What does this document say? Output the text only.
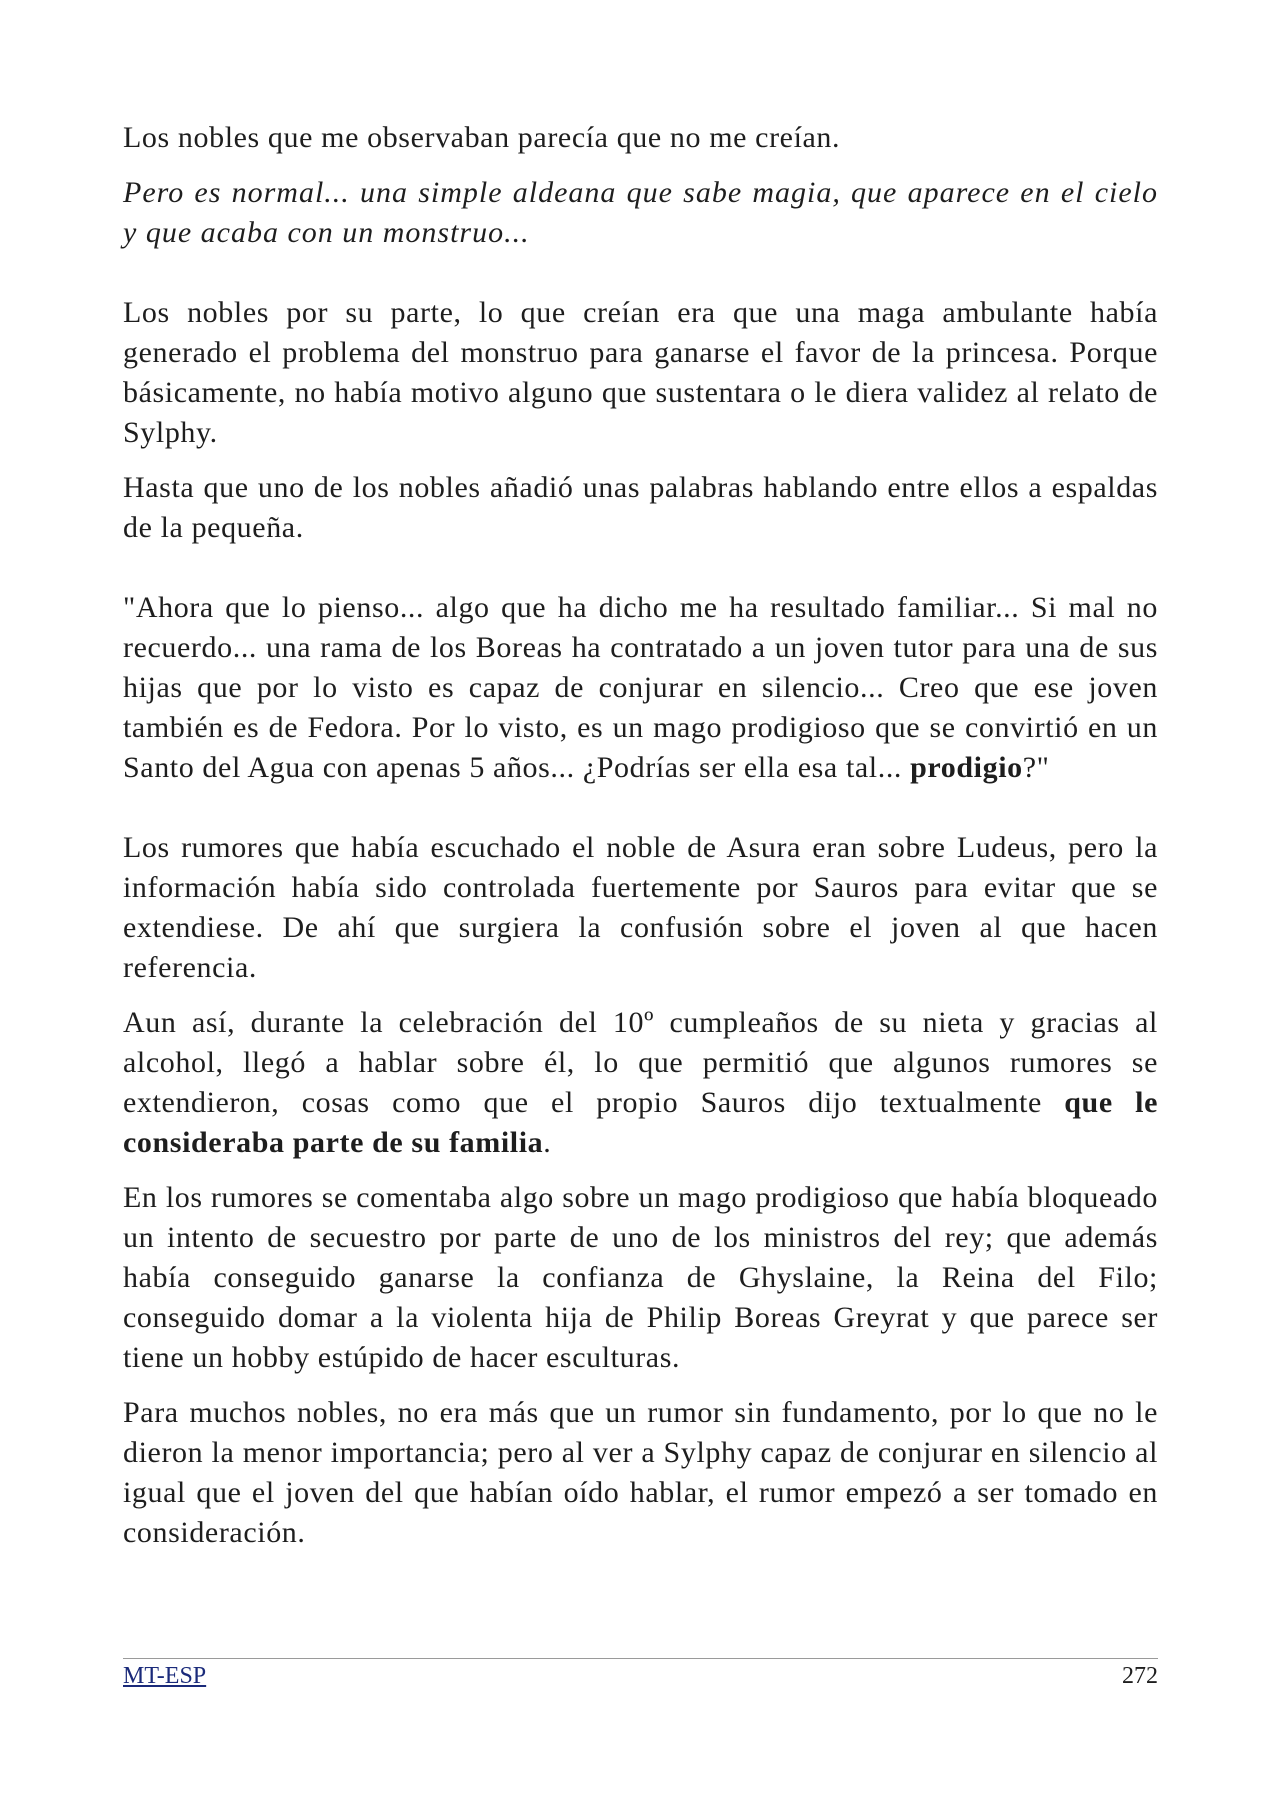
Los nobles que me observaban parecía que no me creían.

Pero es normal... una simple aldeana que sabe magia, que aparece en el cielo y que acaba con un monstruo...

Los nobles por su parte, lo que creían era que una maga ambulante había generado el problema del monstruo para ganarse el favor de la princesa. Porque básicamente, no había motivo alguno que sustentara o le diera validez al relato de Sylphy.

Hasta que uno de los nobles añadió unas palabras hablando entre ellos a espaldas de la pequeña.

"Ahora que lo pienso... algo que ha dicho me ha resultado familiar... Si mal no recuerdo... una rama de los Boreas ha contratado a un joven tutor para una de sus hijas que por lo visto es capaz de conjurar en silencio... Creo que ese joven también es de Fedora. Por lo visto, es un mago prodigioso que se convirtió en un Santo del Agua con apenas 5 años... ¿Podrías ser ella esa tal... prodigio?"

Los rumores que había escuchado el noble de Asura eran sobre Ludeus, pero la información había sido controlada fuertemente por Sauros para evitar que se extendiese. De ahí que surgiera la confusión sobre el joven al que hacen referencia.

Aun así, durante la celebración del 10º cumpleaños de su nieta y gracias al alcohol, llegó a hablar sobre él, lo que permitió que algunos rumores se extendieron, cosas como que el propio Sauros dijo textualmente que le consideraba parte de su familia.

En los rumores se comentaba algo sobre un mago prodigioso que había bloqueado un intento de secuestro por parte de uno de los ministros del rey; que además había conseguido ganarse la confianza de Ghyslaine, la Reina del Filo; conseguido domar a la violenta hija de Philip Boreas Greyrat y que parece ser tiene un hobby estúpido de hacer esculturas.

Para muchos nobles, no era más que un rumor sin fundamento, por lo que no le dieron la menor importancia; pero al ver a Sylphy capaz de conjurar en silencio al igual que el joven del que habían oído hablar, el rumor empezó a ser tomado en consideración.

MT-ESP	272
